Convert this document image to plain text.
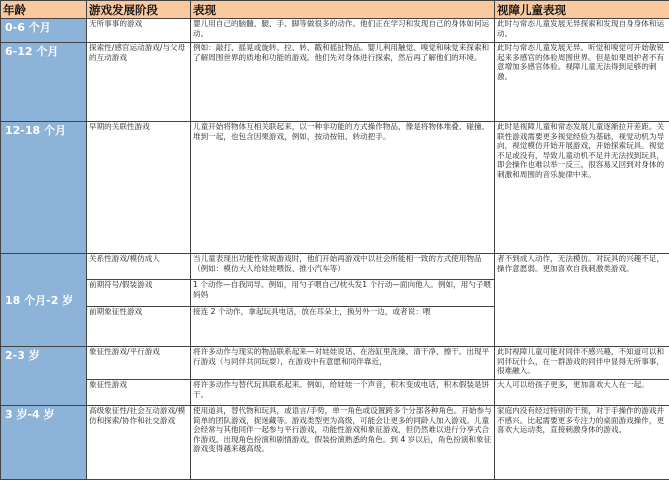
年龄	游戏发展阶段	表现	视障儿童表现
0-6 个月	无所事事的游戏	婴儿用自己的脑髓、腿、手、脚等做很多的动作。他们正在学习和发现自己的身体如何运动。	此时与常态儿童发展无异探索和发现自身身体和运动。
6-12 个月	探索性/感官运动游戏/与父母的互动游戏	例如：敲打、摇晃或旋转、拉、转、戳和摇扯物品。婴儿利用触觉、嗅觉和味觉来探索和了解周围世界的质地和功能的游戏。他们先对身体进行探索，然后再了解他们的环境。	此时与常态儿童发展无异。听觉和嗅觉可开始敏锐起来多感官的体验周围世界。但是如果周护者不有意增加多感官体验。视障儿童无法得到足够的刺激。
12-18 个月	早期的关联性游戏	儿童开始将物体互相关联起来，以一种非功能的方式操作物品，像是将物体堆叠、碰撞、堆到一起，也包含因果游戏，例如，按动按钮、转动把手。	此时是视障儿童和常态发展儿童逐渐拉开差距。关联性游戏需要更多视觉经验为基础，视觉动机为导向，视觉模仿开始开展游戏，开始探索玩具。视觉不足或没有，导致儿童动机不足并无法找到玩具，即会操作也难以举一反三。很容易又回到对身体的刺激和周围的音乐旋律中来。
18 个月-2 岁	关系性游戏/模仿成人	当儿童表现出功能性常规游戏时，他们开始再游戏中以社会所能相一致的方式使用物品（例如：模仿大人给娃娃喂饭、推小汽车等）	者不到成人动作，无法模仿。对玩具的兴趣不足，操作意愿弱。更加喜欢自我刺激类游戏。
	前期符号/假装游戏	1 个动作—自我同导。例如，用勺子喂自己/枕头发1 个行动—面向他人。例如，用勺子喂妈妈	
	前期象征性游戏	接连 2 个动作，拿起玩具电话，放在耳朵上，换另外一边，或者说：喂	
2-3 岁	象征性游戏/平行游戏	将许多动作与现实的物品联系起来—对娃娃说话、在浴缸里洗澡、清干净、擦干。出现平行游戏（与同伴共同玩耍），在游戏中有意愿和同伴靠近，	此时视障儿童可能对同伴不感兴趣，不知道可以和同伴玩什么，在一群游戏的同伴中显得无所事事，很难融入。
	象征性游戏	将许多动作与替代玩具联系起来。例如，给娃娃一个声音，积木变成电话，积木假装是饼干。	大人可以给孩子更多，更加喜欢大人在一起。
3 岁-4 岁	高级象征性/社会互动游戏/模仿和探索/协作和社交游戏	使用道具，替代物和玩具，或语言/手势，单一角色或设置跨多个分部各种角色。开始参与简单的团队游戏，捉迷藏等。游戏类型更为高级，可能会让更多的同龄人加入游戏。儿童会经常与其他同伴一起参与平行游戏，功能性游戏和象征游戏，但仍然难以进行分享式合作游戏。出现角色扮演和剧情游戏，假装扮演熟悉的角色。到 4 岁以后，角色扮演和象征游戏变得越来越高级。	家庭内没有经过特别的干预，对于手操作的游戏并不感兴。比起需要更多专注力的桌面游戏操作，更喜欢大运动类，直接刺激身体的游戏。
